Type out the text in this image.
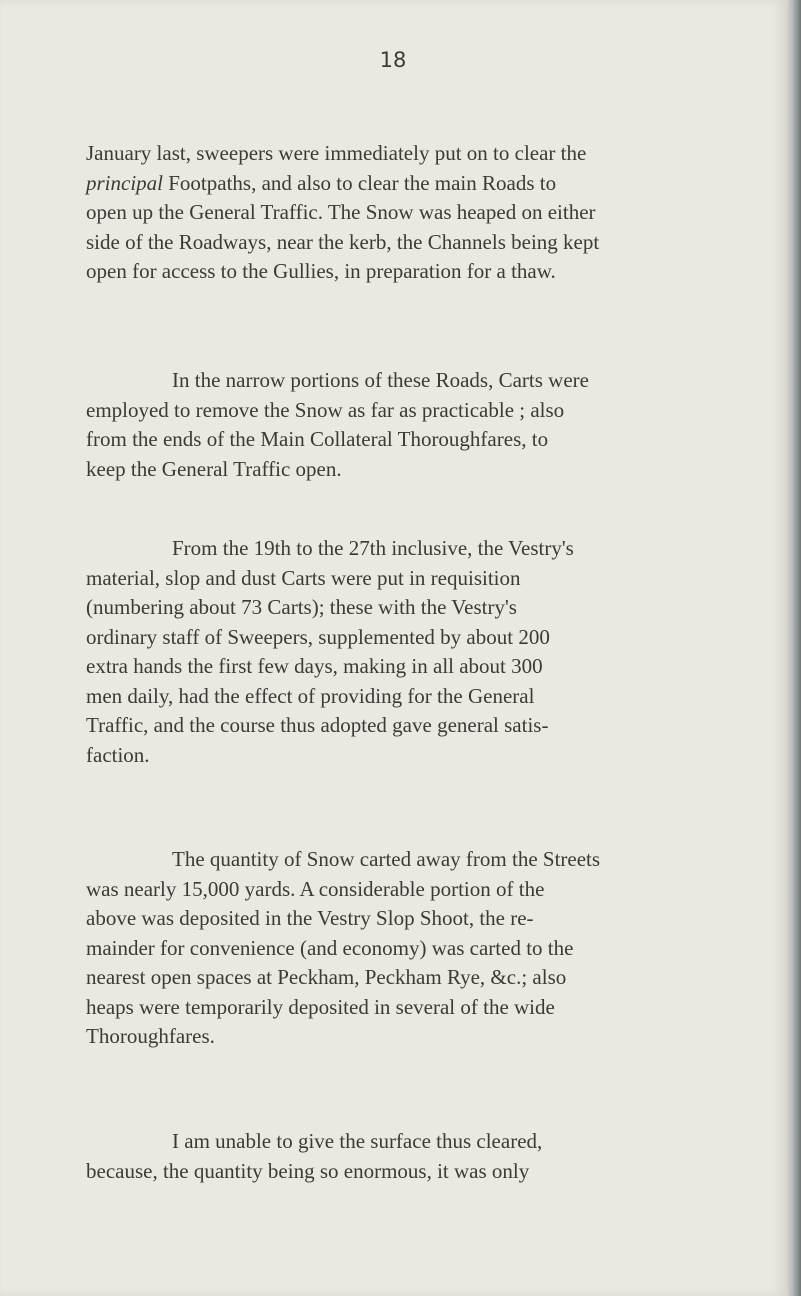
18

January last, sweepers were immediately put on to clear the
principal Footpaths, and also to clear the main Roads to
open up the General Traffic. The Snow was heaped on either
side of the Roadways, near the kerb, the Channels being kept
open for access to the Gullies, in preparation for a thaw.

In the narrow portions of these Roads, Carts were
employed to remove the Snow as far as practicable ; also
from the ends of the Main Collateral Thoroughfares, to
keep the General Traffic open.

From the 19th to the 27th inclusive, the Vestry's
material, slop and dust Carts were put in requisition
(numbering about 73 Carts); these with the Vestry's
ordinary staff of Sweepers, supplemented by about 200
extra hands the first few days, making in all about 300
men daily, had the effect of providing for the General
Traffic, and the course thus adopted gave general satis-
faction.

The quantity of Snow carted away from the Streets
was nearly 15,000 yards. A considerable portion of the
above was deposited in the Vestry Slop Shoot, the re-
mainder for convenience (and economy) was carted to the
nearest open spaces at Peckham, Peckham Rye, &c.; also
heaps were temporarily deposited in several of the wide
Thoroughfares.

I am unable to give the surface thus cleared,
because, the quantity being so enormous, it was only
